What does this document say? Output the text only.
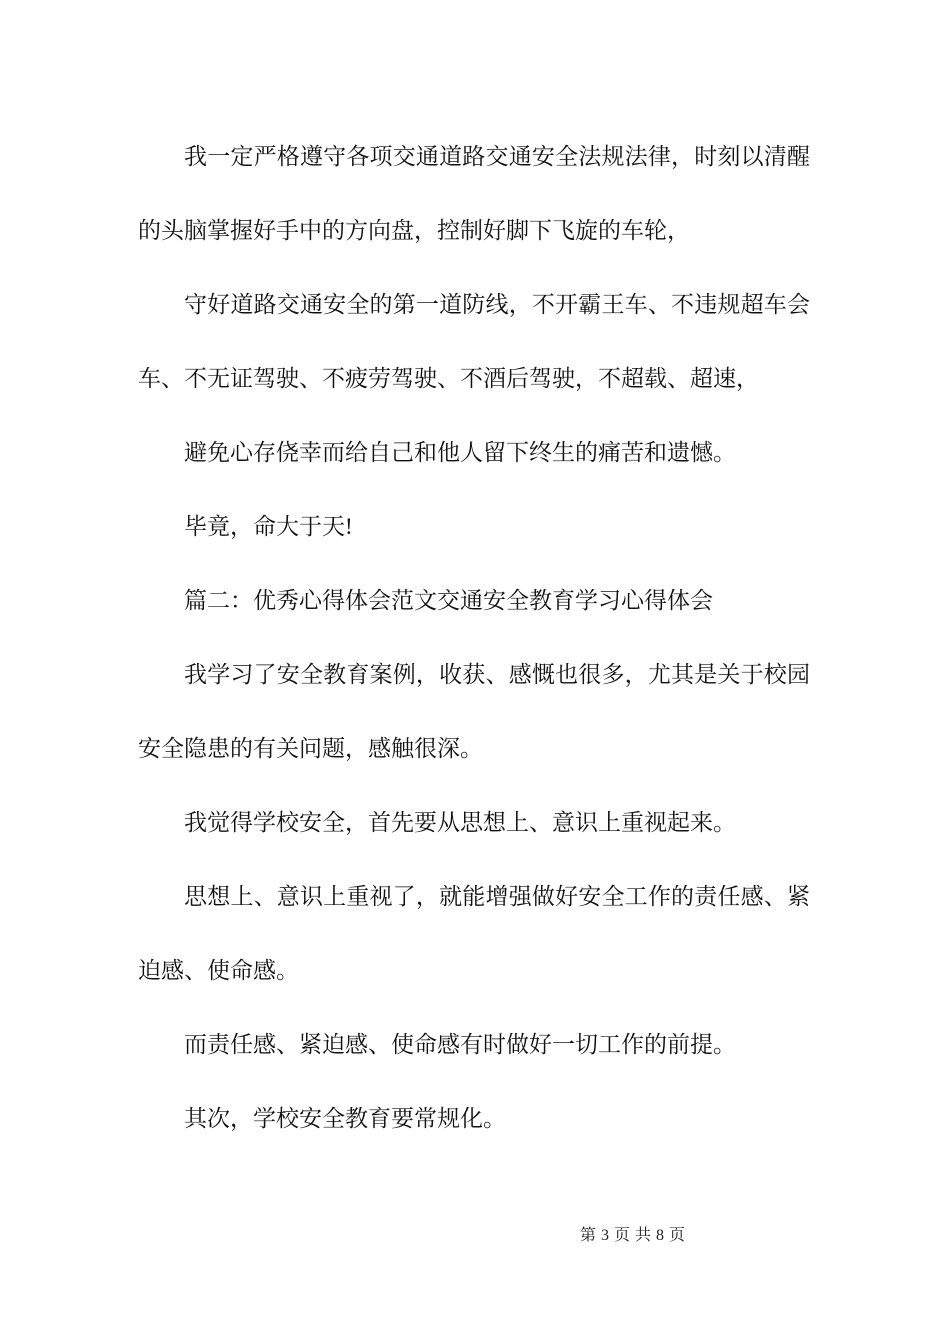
我一定严格遵守各项交通道路交通安全法规法律，时刻以清醒的头脑掌握好手中的方向盘，控制好脚下飞旋的车轮，

守好道路交通安全的第一道防线，不开霸王车、不违规超车会车、不无证驾驶、不疲劳驾驶、不酒后驾驶，不超载、超速，

避免心存侥幸而给自己和他人留下终生的痛苦和遗憾。

毕竟，命大于天!

篇二：优秀心得体会范文交通安全教育学习心得体会

我学习了安全教育案例，收获、感慨也很多，尤其是关于校园安全隐患的有关问题，感触很深。

我觉得学校安全，首先要从思想上、意识上重视起来。

思想上、意识上重视了，就能增强做好安全工作的责任感、紧迫感、使命感。

而责任感、紧迫感、使命感有时做好一切工作的前提。

其次，学校安全教育要常规化。

第 3 页 共 8 页
